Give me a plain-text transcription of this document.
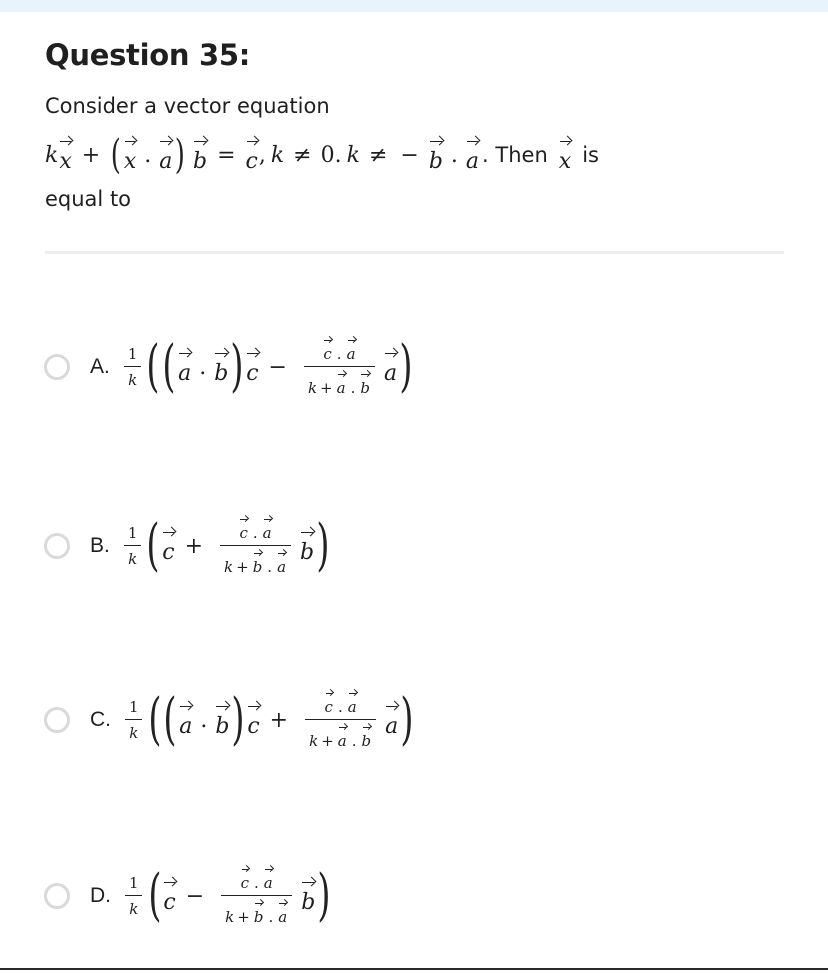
Question 35:
Consider a vector equation
k x + ( x . a ) b = c , k ≠ 0. k ≠ − b . a . Then x is
equal to
A. $\frac{1}{k}$ ( ( a . b ) $c - \frac{c . a}{k + a . b}$ a )
B. $\frac{1}{k}$ ( $c + \frac{c . a}{k + b . a}$ b )
C. $\frac{1}{k}$ ( ( a . b ) $c + \frac{c . a}{k + a . b}$ a )
D. $\frac{1}{k}$ ( $c - \frac{c . a}{k + b . a}$ b )
